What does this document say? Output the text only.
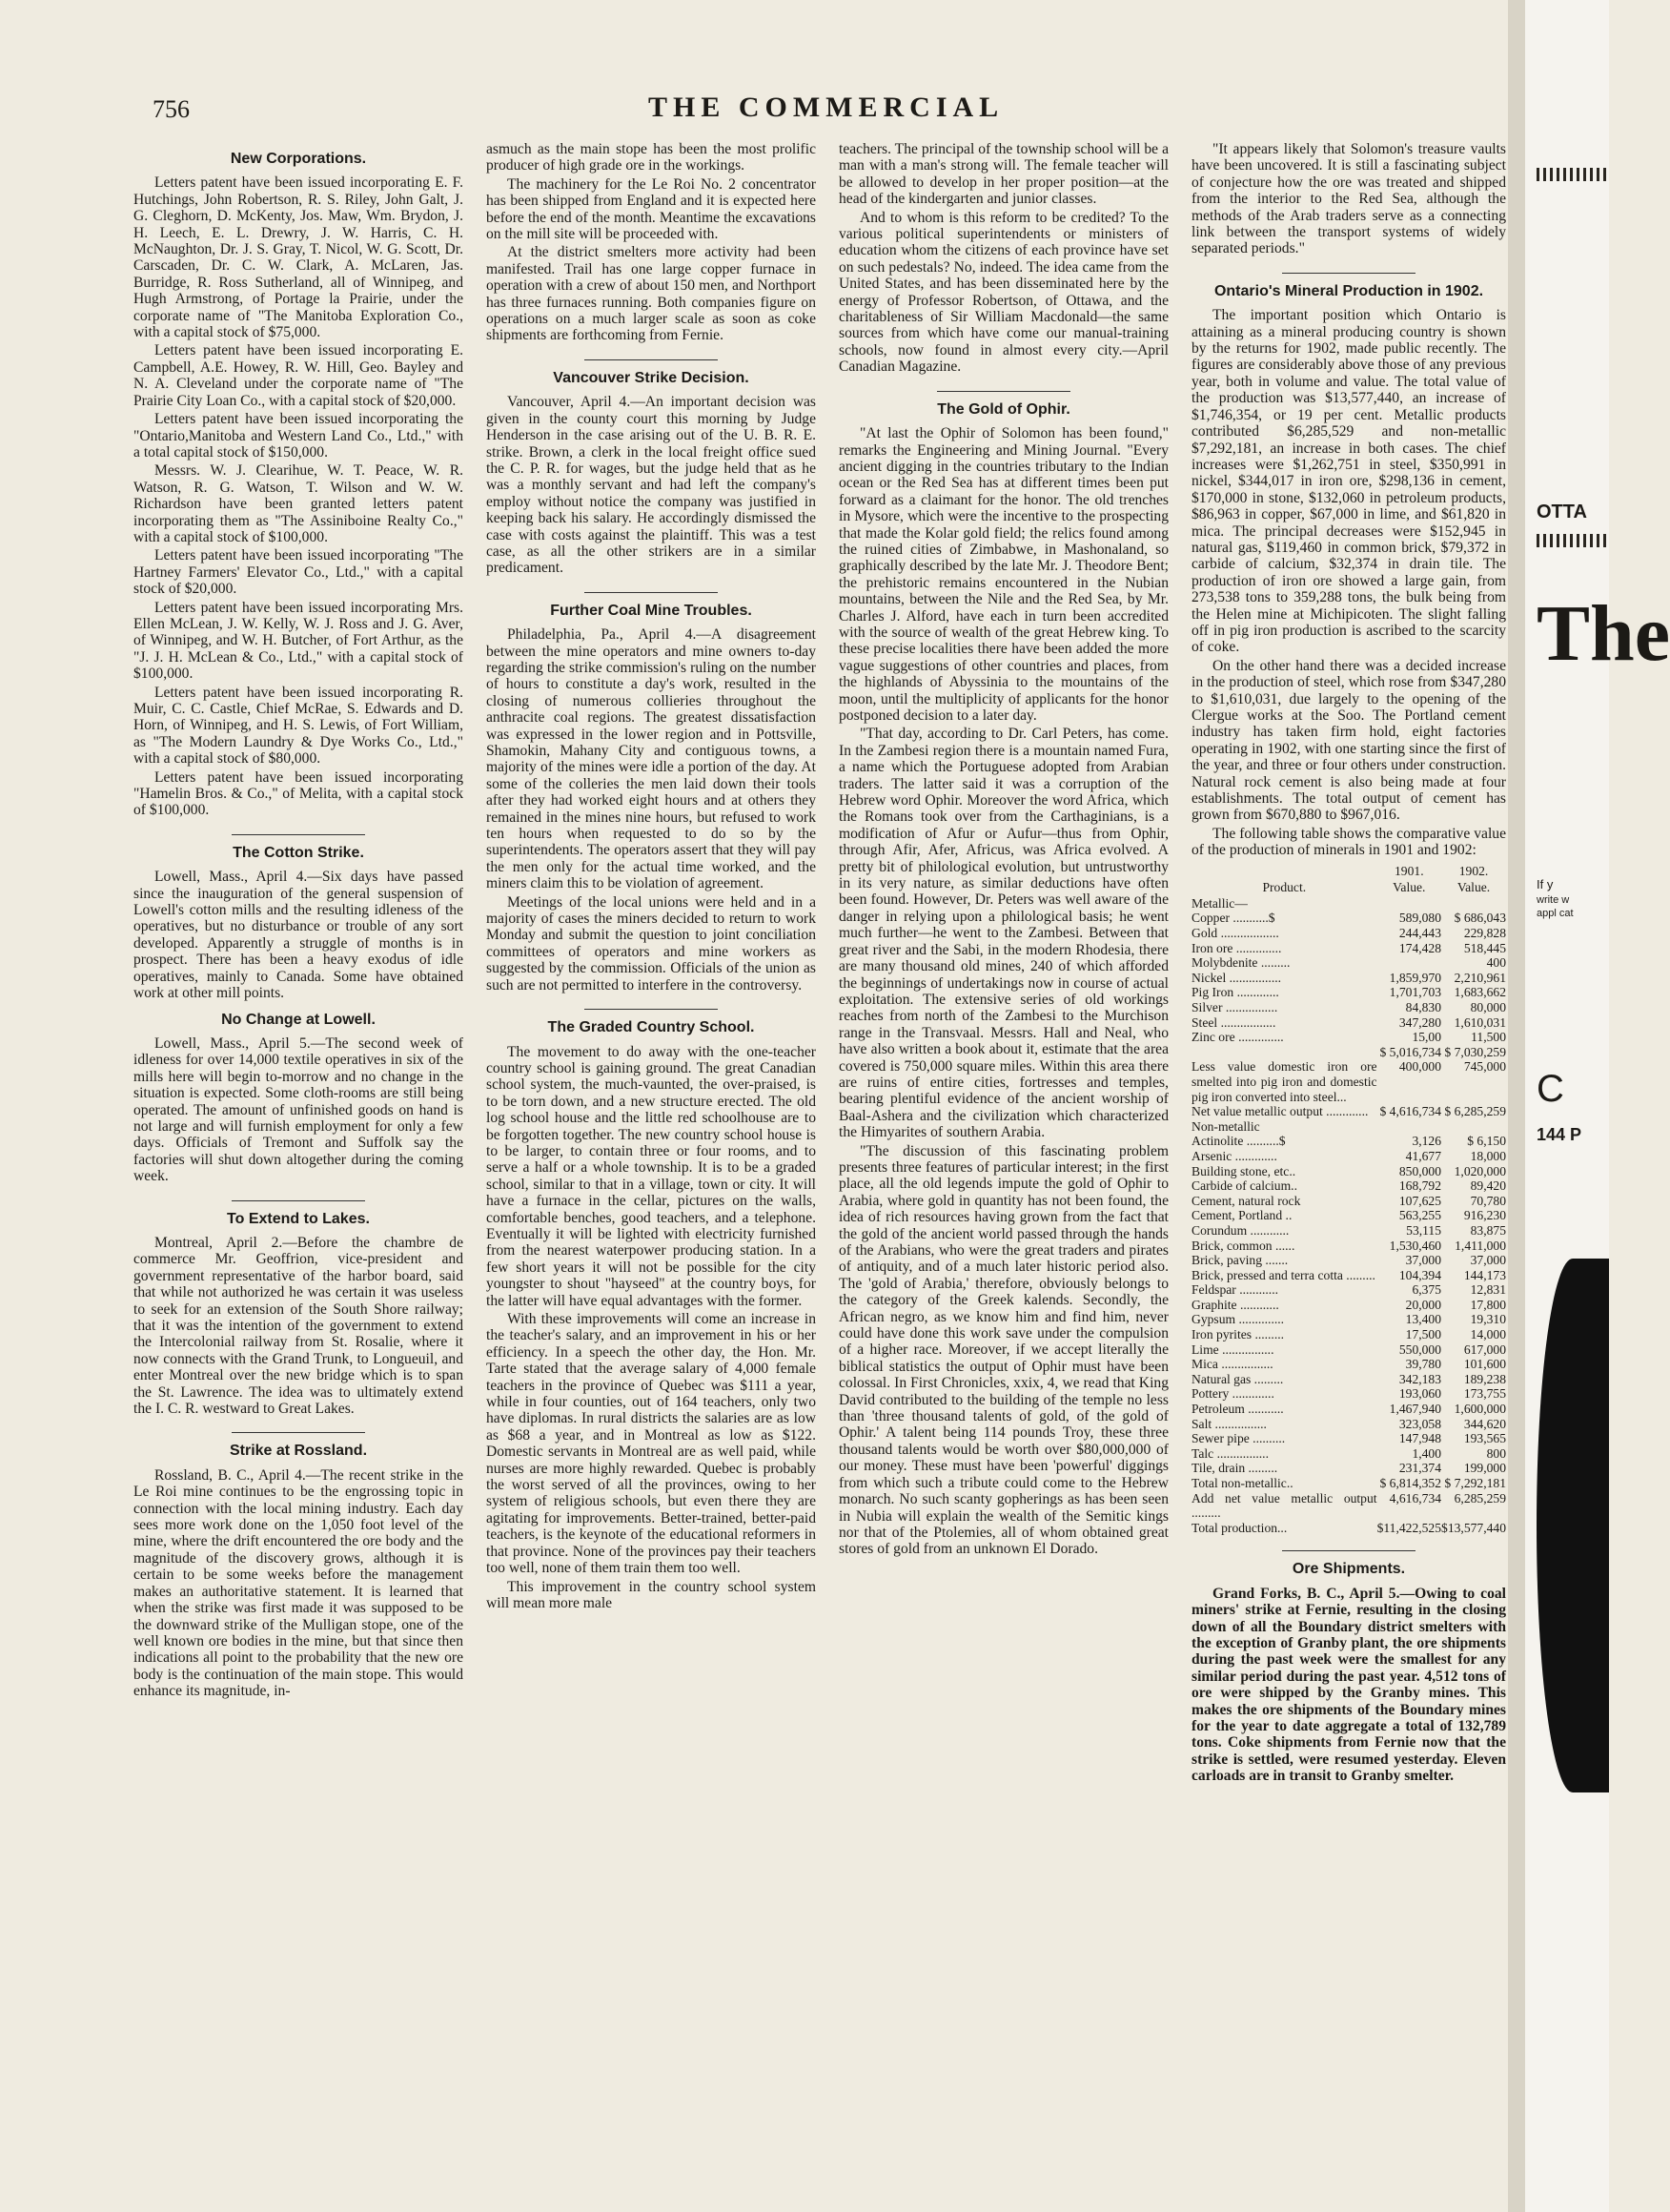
OTTA
The
If y
write w
appl cat
C
144 P
756	THE COMMERCIAL
New Corporations.

Letters patent have been issued incorporating E. F. Hutchings, John Robertson, R. S. Riley, John Galt, J. G. Cleghorn, D. McKenty, Jos. Maw, Wm. Brydon, J. H. Leech, E. L. Drewry, J. W. Harris, C. H. McNaughton, Dr. J. S. Gray, T. Nicol, W. G. Scott, Dr. Carscaden, Dr. C. W. Clark, A. McLaren, Jas. Burridge, R. Ross Sutherland, all of Winnipeg, and Hugh Armstrong, of Portage la Prairie, under the corporate name of "The Manitoba Exploration Co., with a capital stock of $75,000.

Letters patent have been issued incorporating E. Campbell, A.E. Howey, R. W. Hill, Geo. Bayley and N. A. Cleveland under the corporate name of "The Prairie City Loan Co., with a capital stock of $20,000.

Letters patent have been issued incorporating the "Ontario,Manitoba and Western Land Co., Ltd.," with a total capital stock of $150,000.

Messrs. W. J. Clearihue, W. T. Peace, W. R. Watson, R. G. Watson, T. Wilson and W. W. Richardson have been granted letters patent incorporating them as "The Assiniboine Realty Co.," with a capital stock of $100,000.

Letters patent have been issued incorporating "The Hartney Farmers' Elevator Co., Ltd.," with a capital stock of $20,000.

Letters patent have been issued incorporating Mrs. Ellen McLean, J. W. Kelly, W. J. Ross and J. G. Aver, of Winnipeg, and W. H. Butcher, of Fort Arthur, as the "J. J. H. McLean & Co., Ltd.," with a capital stock of $100,000.

Letters patent have been issued incorporating R. Muir, C. C. Castle, Chief McRae, S. Edwards and D. Horn, of Winnipeg, and H. S. Lewis, of Fort William, as "The Modern Laundry & Dye Works Co., Ltd.," with a capital stock of $80,000.

Letters patent have been issued incorporating "Hamelin Bros. & Co.," of Melita, with a capital stock of $100,000.

The Cotton Strike.

Lowell, Mass., April 4.—Six days have passed since the inauguration of the general suspension of Lowell's cotton mills and the resulting idleness of the operatives, but no disturbance or trouble of any sort developed. Apparently a struggle of months is in prospect. There has been a heavy exodus of idle operatives, mainly to Canada. Some have obtained work at other mill points.

No Change at Lowell.

Lowell, Mass., April 5.—The second week of idleness for over 14,000 textile operatives in six of the mills here will begin to-morrow and no change in the situation is expected. Some cloth-rooms are still being operated. The amount of unfinished goods on hand is not large and will furnish employment for only a few days. Officials of Tremont and Suffolk say the factories will shut down altogether during the coming week.

To Extend to Lakes.

Montreal, April 2.—Before the chambre de commerce Mr. Geoffrion, vice-president and government representative of the harbor board, said that while not authorized he was certain it was useless to seek for an extension of the South Shore railway; that it was the intention of the government to extend the Intercolonial railway from St. Rosalie, where it now connects with the Grand Trunk, to Longueuil, and enter Montreal over the new bridge which is to span the St. Lawrence. The idea was to ultimately extend the I. C. R. westward to Great Lakes.

Strike at Rossland.

Rossland, B. C., April 4.—The recent strike in the Le Roi mine continues to be the engrossing topic in connection with the local mining industry. Each day sees more work done on the 1,050 foot level of the mine, where the drift encountered the ore body and the magnitude of the discovery grows, although it is certain to be some weeks before the management makes an authoritative statement. It is learned that when the strike was first made it was supposed to be the downward strike of the Mulligan stope, one of the well known ore bodies in the mine, but that since then indications all point to the probability that the new ore body is the continuation of the main stope. This would enhance its magnitude, in-

asmuch as the main stope has been the most prolific producer of high grade ore in the workings.

The machinery for the Le Roi No. 2 concentrator has been shipped from England and it is expected here before the end of the month. Meantime the excavations on the mill site will be proceeded with.

At the district smelters more activity had been manifested. Trail has one large copper furnace in operation with a crew of about 150 men, and Northport has three furnaces running. Both companies figure on operations on a much larger scale as soon as coke shipments are forthcoming from Fernie.

Vancouver Strike Decision.

Vancouver, April 4.—An important decision was given in the county court this morning by Judge Henderson in the case arising out of the U. B. R. E. strike. Brown, a clerk in the local freight office sued the C. P. R. for wages, but the judge held that as he was a monthly servant and had left the company's employ without notice the company was justified in keeping back his salary. He accordingly dismissed the case with costs against the plaintiff. This was a test case, as all the other strikers are in a similar predicament.

Further Coal Mine Troubles.

Philadelphia, Pa., April 4.—A disagreement between the mine operators and mine owners to-day regarding the strike commission's ruling on the number of hours to constitute a day's work, resulted in the closing of numerous collieries throughout the anthracite coal regions. The greatest dissatisfaction was expressed in the lower region and in Pottsville, Shamokin, Mahany City and contiguous towns, a majority of the mines were idle a portion of the day. At some of the colleries the men laid down their tools after they had worked eight hours and at others they remained in the mines nine hours, but refused to work ten hours when requested to do so by the superintendents. The operators assert that they will pay the men only for the actual time worked, and the miners claim this to be violation of agreement.

Meetings of the local unions were held and in a majority of cases the miners decided to return to work Monday and submit the question to joint conciliation committees of operators and mine workers as suggested by the commission. Officials of the union as such are not permitted to interfere in the controversy.

The Graded Country School.

The movement to do away with the one-teacher country school is gaining ground. The great Canadian school system, the much-vaunted, the over-praised, is to be torn down, and a new structure erected. The old log school house and the little red schoolhouse are to be forgotten together. The new country school house is to be larger, to contain three or four rooms, and to serve a half or a whole township. It is to be a graded school, similar to that in a village, town or city. It will have a furnace in the cellar, pictures on the walls, comfortable benches, good teachers, and a telephone. Eventually it will be lighted with electricity furnished from the nearest waterpower producing station. In a few short years it will not be possible for the city youngster to shout "hayseed" at the country boys, for the latter will have equal advantages with the former.

With these improvements will come an increase in the teacher's salary, and an improvement in his or her efficiency. In a speech the other day, the Hon. Mr. Tarte stated that the average salary of 4,000 female teachers in the province of Quebec was $111 a year, while in four counties, out of 164 teachers, only two have diplomas. In rural districts the salaries are as low as $68 a year, and in Montreal as low as $122. Domestic servants in Montreal are as well paid, while nurses are more highly rewarded. Quebec is probably the worst served of all the provinces, owing to her system of religious schools, but even there they are agitating for improvements. Better-trained, better-paid teachers, is the keynote of the educational reformers in that province. None of the provinces pay their teachers too well, none of them train them too well.

This improvement in the country school system will mean more male

teachers. The principal of the township school will be a man with a man's strong will. The female teacher will be allowed to develop in her proper position—at the head of the kindergarten and junior classes.

And to whom is this reform to be credited? To the various political superintendents or ministers of education whom the citizens of each province have set on such pedestals? No, indeed. The idea came from the United States, and has been disseminated here by the energy of Professor Robertson, of Ottawa, and the charitableness of Sir William Macdonald—the same sources from which have come our manual-training schools, now found in almost every city.—April Canadian Magazine.

The Gold of Ophir.

"At last the Ophir of Solomon has been found," remarks the Engineering and Mining Journal. "Every ancient digging in the countries tributary to the Indian ocean or the Red Sea has at different times been put forward as a claimant for the honor. The old trenches in Mysore, which were the incentive to the prospecting that made the Kolar gold field; the relics found among the ruined cities of Zimbabwe, in Mashonaland, so graphically described by the late Mr. J. Theodore Bent; the prehistoric remains encountered in the Nubian mountains, between the Nile and the Red Sea, by Mr. Charles J. Alford, have each in turn been accredited with the source of wealth of the great Hebrew king. To these precise localities there have been added the more vague suggestions of other countries and places, from the highlands of Abyssinia to the mountains of the moon, until the multiplicity of applicants for the honor postponed decision to a later day.

"That day, according to Dr. Carl Peters, has come. In the Zambesi region there is a mountain named Fura, a name which the Portuguese adopted from Arabian traders. The latter said it was a corruption of the Hebrew word Ophir. Moreover the word Africa, which the Romans took over from the Carthaginians, is a modification of Afur or Aufur—thus from Ophir, through Afir, Afer, Africus, was Africa evolved. A pretty bit of philological evolution, but untrustworthy in its very nature, as similar deductions have often been found. However, Dr. Peters was well aware of the danger in relying upon a philological basis; he went much further—he went to the Zambesi. Between that great river and the Sabi, in the modern Rhodesia, there are many thousand old mines, 240 of which afforded the beginnings of undertakings now in course of actual exploitation. The extensive series of old workings reaches from north of the Zambesi to the Murchison range in the Transvaal. Messrs. Hall and Neal, who have also written a book about it, estimate that the area covered is 750,000 square miles. Within this area there are ruins of entire cities, fortresses and temples, bearing plentiful evidence of the ancient worship of Baal-Ashera and the civilization which characterized the Himyarites of southern Arabia.

"The discussion of this fascinating problem presents three features of particular interest; in the first place, all the old legends impute the gold of Ophir to Arabia, where gold in quantity has not been found, the idea of rich resources having grown from the fact that the gold of the ancient world passed through the hands of the Arabians, who were the great traders and pirates of antiquity, and of a much later historic period also. The 'gold of Arabia,' therefore, obviously belongs to the category of the Greek kalends. Secondly, the African negro, as we know him and find him, never could have done this work save under the compulsion of a higher race. Moreover, if we accept literally the biblical statistics the output of Ophir must have been colossal. In First Chronicles, xxix, 4, we read that King David contributed to the building of the temple no less than 'three thousand talents of gold, of the gold of Ophir.' A talent being 114 pounds Troy, these three thousand talents would be worth over $80,000,000 of our money. These must have been 'powerful' diggings from which such a tribute could come to the Hebrew monarch. No such scanty gopherings as has been seen in Nubia will explain the wealth of the Semitic kings nor that of the Ptolemies, all of whom obtained great stores of gold from an unknown El Dorado.

"It appears likely that Solomon's treasure vaults have been uncovered. It is still a fascinating subject of conjecture how the ore was treated and shipped from the interior to the Red Sea, although the methods of the Arab traders serve as a connecting link between the transport systems of widely separated periods."

Ontario's Mineral Production in 1902.

The important position which Ontario is attaining as a mineral producing country is shown by the returns for 1902, made public recently. The figures are considerably above those of any previous year, both in volume and value. The total value of the production was $13,577,440, an increase of $1,746,354, or 19 per cent. Metallic products contributed $6,285,529 and non-metallic $7,292,181, an increase in both cases. The chief increases were $1,262,751 in steel, $350,991 in nickel, $344,017 in iron ore, $298,136 in cement, $170,000 in stone, $132,060 in petroleum products, $86,963 in copper, $67,000 in lime, and $61,820 in mica. The principal decreases were $152,945 in natural gas, $119,460 in common brick, $79,372 in carbide of calcium, $32,374 in drain tile. The production of iron ore showed a large gain, from 273,538 tons to 359,288 tons, the bulk being from the Helen mine at Michipicoten. The slight falling off in pig iron production is ascribed to the scarcity of coke.

On the other hand there was a decided increase in the production of steel, which rose from $347,280 to $1,610,031, due largely to the opening of the Clergue works at the Soo. The Portland cement industry has taken firm hold, eight factories operating in 1902, with one starting since the first of the year, and three or four others under construction. Natural rock cement is also being made at four establishments. The total output of cement has grown from $670,880 to $967,016.

The following table shows the comparative value of the production of minerals in 1901 and 1902:

	1901.	1902.
Product.	Value.	Value.
Metallic—		
Copper ...........$	589,080	$ 686,043
Gold ..................	244,443	229,828
Iron ore ..............	174,428	518,445
Molybdenite .........		400
Nickel ................	1,859,970	2,210,961
Pig Iron .............	1,701,703	1,683,662
Silver ................	84,830	80,000
Steel .................	347,280	1,610,031
Zinc ore ..............	15,00	11,500
	$ 5,016,734	$ 7,030,259
Less value domestic iron ore smelted into pig iron and domestic pig iron converted into steel...	400,000	745,000
Net value metallic output .............	$ 4,616,734	$ 6,285,259
Non-metallic		
Actinolite ..........$	3,126	$ 6,150
Arsenic .............	41,677	18,000
Building stone, etc..	850,000	1,020,000
Carbide of calcium..	168,792	89,420
Cement, natural rock	107,625	70,780
Cement, Portland ..	563,255	916,230
Corundum ............	53,115	83,875
Brick, common ......	1,530,460	1,411,000
Brick, paving .......	37,000	37,000
Brick, pressed and terra cotta .........	104,394	144,173
Feldspar ............	6,375	12,831
Graphite ............	20,000	17,800
Gypsum ..............	13,400	19,310
Iron pyrites .........	17,500	14,000
Lime ................	550,000	617,000
Mica ................	39,780	101,600
Natural gas .........	342,183	189,238
Pottery .............	193,060	173,755
Petroleum ...........	1,467,940	1,600,000
Salt ................	323,058	344,620
Sewer pipe ..........	147,948	193,565
Talc ................	1,400	800
Tile, drain .........	231,374	199,000
Total non-metallic..	$ 6,814,352	$ 7,292,181
Add net value metallic output .........	4,616,734	6,285,259
Total production...	$11,422,525	$13,577,440
Ore Shipments.

Grand Forks, B. C., April 5.—Owing to coal miners' strike at Fernie, resulting in the closing down of all the Boundary district smelters with the exception of Granby plant, the ore shipments during the past week were the smallest for any similar period during the past year. 4,512 tons of ore were shipped by the Granby mines. This makes the ore shipments of the Boundary mines for the year to date aggregate a total of 132,789 tons. Coke shipments from Fernie now that the strike is settled, were resumed yesterday. Eleven carloads are in transit to Granby smelter.
